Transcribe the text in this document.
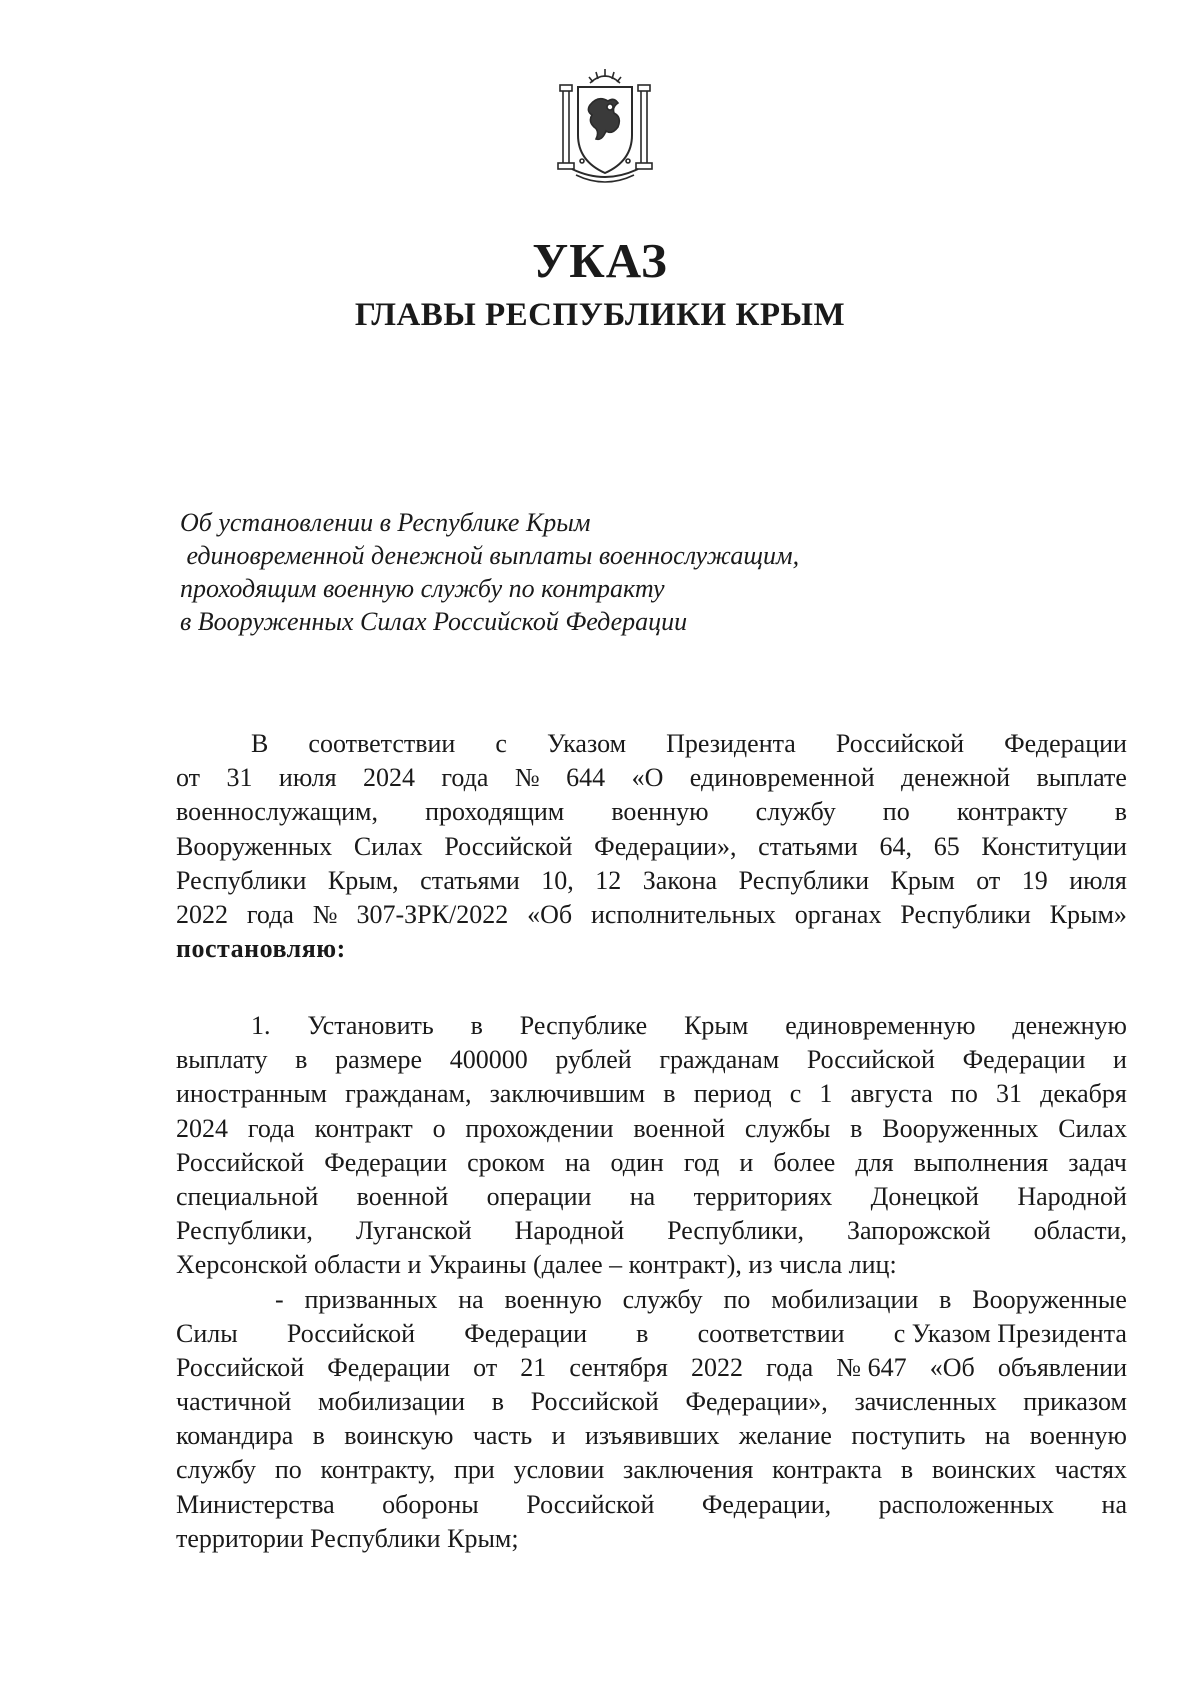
УКАЗ
ГЛАВЫ РЕСПУБЛИКИ КРЫМ
Об установлении в Республике Крым
единовременной денежной выплаты военнослужащим,
проходящим военную службу по контракту
в Вооруженных Силах Российской Федерации
В соответствии с Указом Президента Российской Федерации
от 31 июля 2024 года № 644 «О единовременной денежной выплате
военнослужащим, проходящим военную службу по контракту в
Вооруженных Силах Российской Федерации», статьями 64, 65 Конституции
Республики Крым, статьями 10, 12 Закона Республики Крым от 19 июля
2022 года № 307-ЗРК/2022 «Об исполнительных органах Республики Крым»
постановляю:
1. Установить в Республике Крым единовременную денежную
выплату в размере 400000 рублей гражданам Российской Федерации и
иностранным гражданам, заключившим в период с 1 августа по 31 декабря
2024 года контракт о прохождении военной службы в Вооруженных Силах
Российской Федерации сроком на один год и более для выполнения задач
специальной военной операции на территориях Донецкой Народной
Республики, Луганской Народной Республики, Запорожской области,
Херсонской области и Украины (далее – контракт), из числа лиц:
- призванных на военную службу по мобилизации в Вооруженные
Силы Российской Федерации в соответствии с Указом Президента
Российской Федерации от 21 сентября 2022 года № 647 «Об объявлении
частичной мобилизации в Российской Федерации», зачисленных приказом
командира в воинскую часть и изъявивших желание поступить на военную
службу по контракту, при условии заключения контракта в воинских частях
Министерства обороны Российской Федерации, расположенных на
территории Республики Крым;
